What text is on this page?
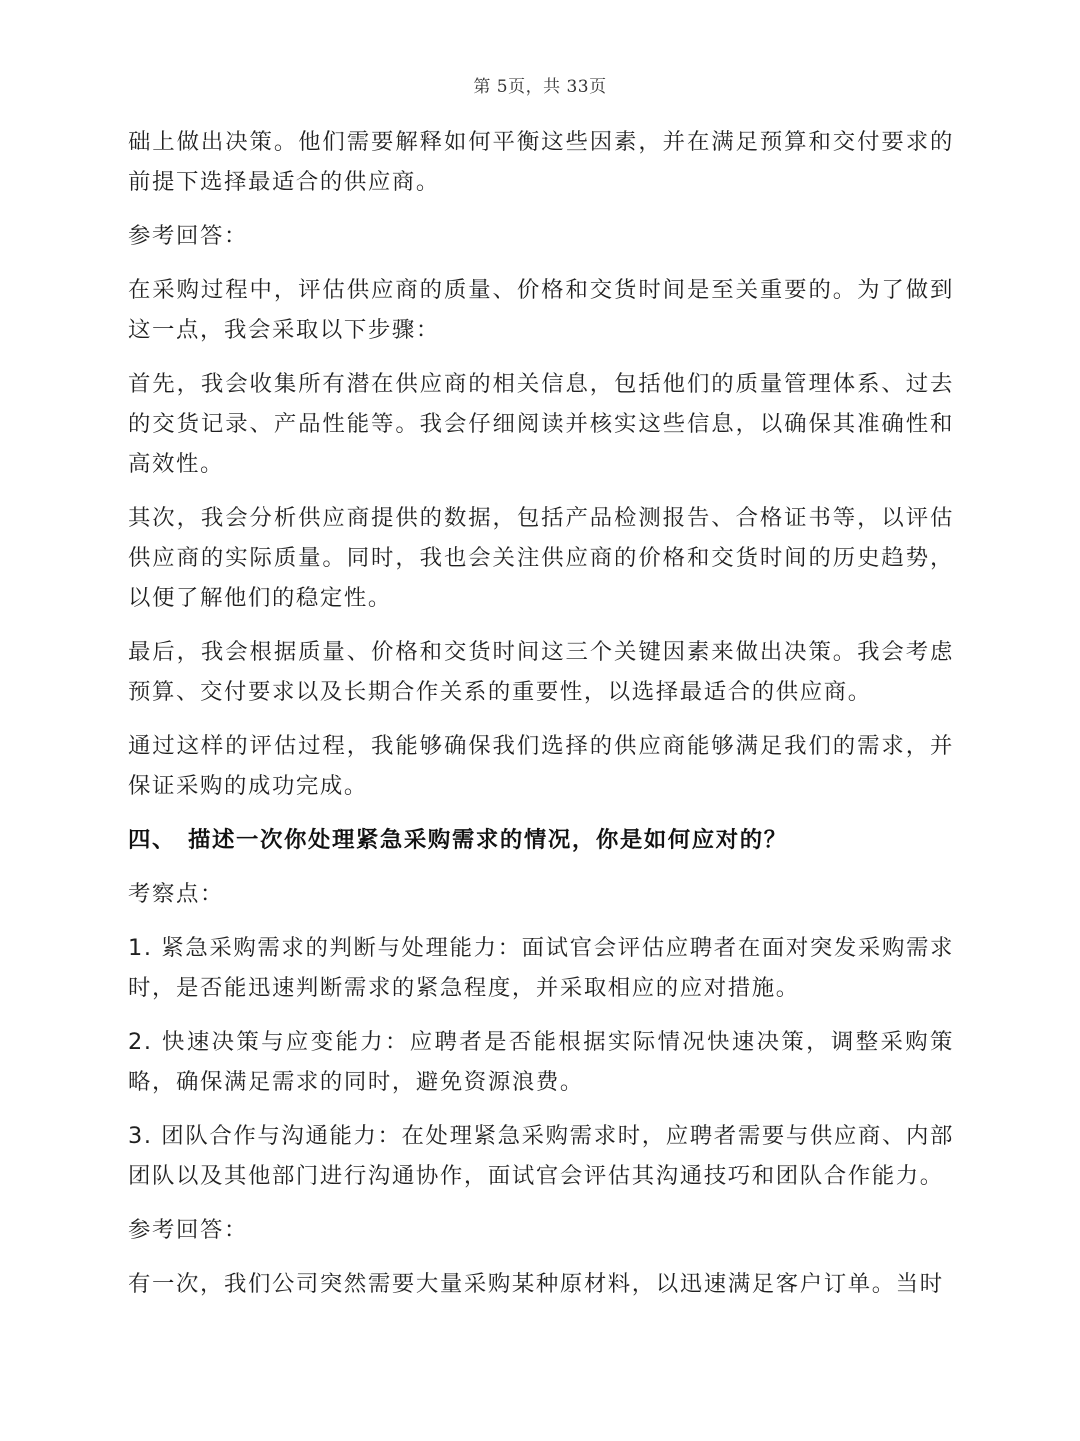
第 5页，共 33页

础上做出决策。他们需要解释如何平衡这些因素，并在满足预算和交付要求的前提下选择最适合的供应商。

参考回答：

在采购过程中，评估供应商的质量、价格和交货时间是至关重要的。为了做到这一点，我会采取以下步骤：

首先，我会收集所有潜在供应商的相关信息，包括他们的质量管理体系、过去的交货记录、产品性能等。我会仔细阅读并核实这些信息，以确保其准确性和高效性。

其次，我会分析供应商提供的数据，包括产品检测报告、合格证书等，以评估供应商的实际质量。同时，我也会关注供应商的价格和交货时间的历史趋势，以便了解他们的稳定性。

最后，我会根据质量、价格和交货时间这三个关键因素来做出决策。我会考虑预算、交付要求以及长期合作关系的重要性，以选择最适合的供应商。

通过这样的评估过程，我能够确保我们选择的供应商能够满足我们的需求，并保证采购的成功完成。

四、 描述一次你处理紧急采购需求的情况，你是如何应对的？

考察点：

1. 紧急采购需求的判断与处理能力：面试官会评估应聘者在面对突发采购需求时，是否能迅速判断需求的紧急程度，并采取相应的应对措施。

2. 快速决策与应变能力：应聘者是否能根据实际情况快速决策，调整采购策略，确保满足需求的同时，避免资源浪费。

3. 团队合作与沟通能力：在处理紧急采购需求时，应聘者需要与供应商、内部团队以及其他部门进行沟通协作，面试官会评估其沟通技巧和团队合作能力。

参考回答：

有一次，我们公司突然需要大量采购某种原材料，以迅速满足客户订单。当时
